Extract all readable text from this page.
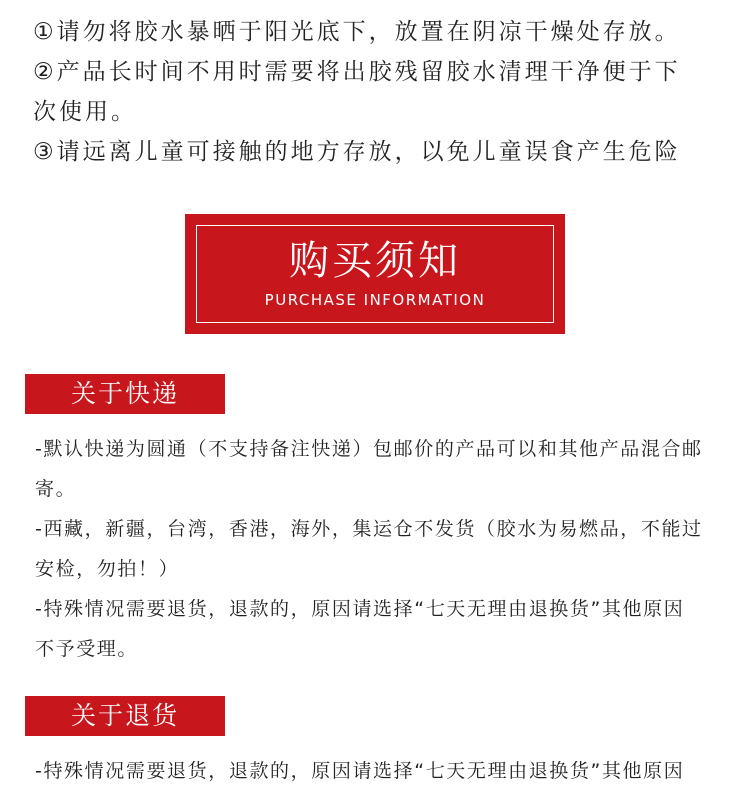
①请勿将胶水暴晒于阳光底下，放置在阴凉干燥处存放。
②产品长时间不用时需要将出胶残留胶水清理干净便于下
次使用。
③请远离儿童可接触的地方存放，以免儿童误食产生危险
购买须知
PURCHASE INFORMATION
关于快递
-默认快递为圆通（不支持备注快递）包邮价的产品可以和其他产品混合邮
寄。
-西藏，新疆，台湾，香港，海外，集运仓不发货（胶水为易燃品，不能过
安检，勿拍！）
-特殊情况需要退货，退款的，原因请选择“七天无理由退换货”其他原因
不予受理。
关于退货
-特殊情况需要退货，退款的，原因请选择“七天无理由退换货”其他原因
